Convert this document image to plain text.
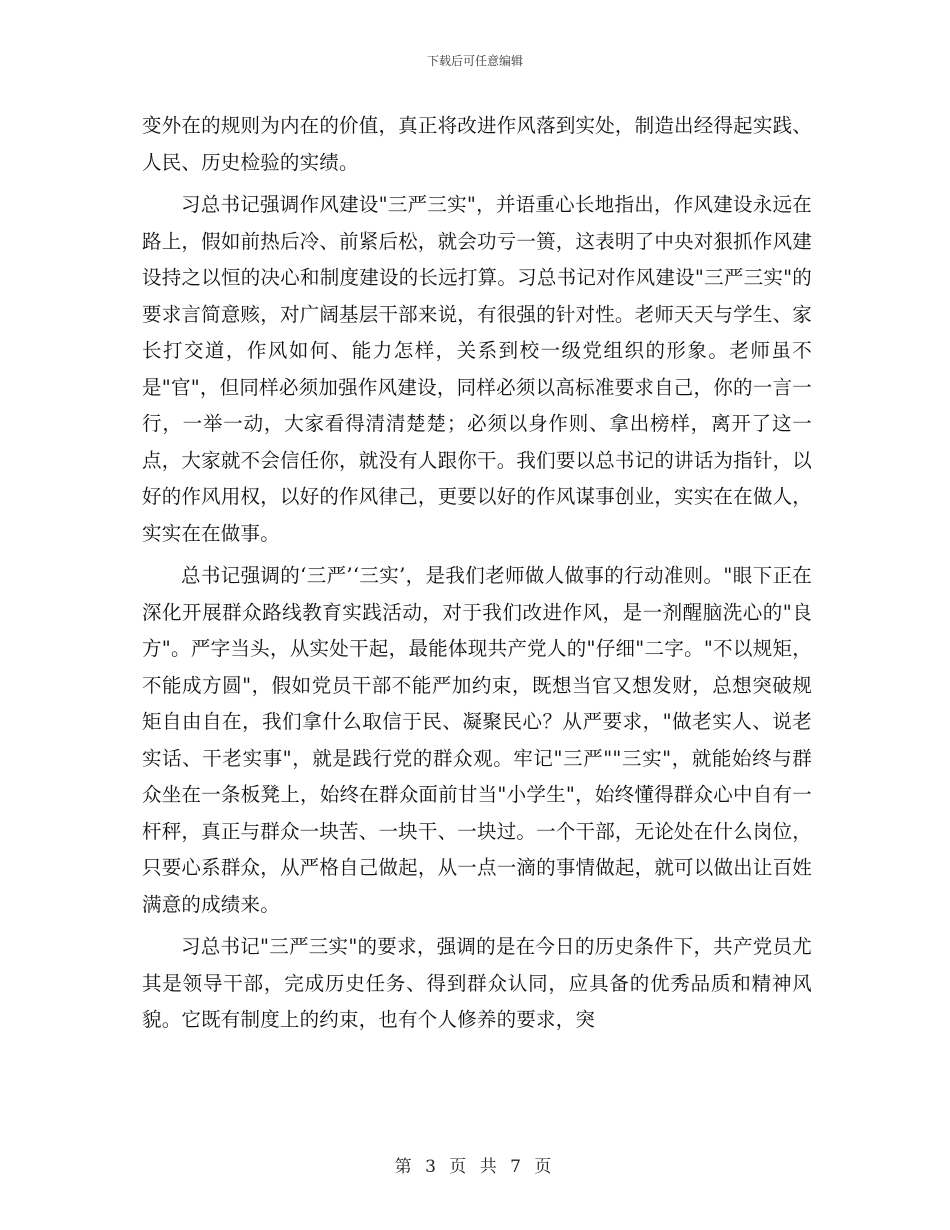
下载后可任意编辑

变外在的规则为内在的价值，真正将改进作风落到实处，制造出经得起实践、人民、历史检验的实绩。

习总书记强调作风建设"三严三实"，并语重心长地指出，作风建设永远在路上，假如前热后冷、前紧后松，就会功亏一篑，这表明了中央对狠抓作风建设持之以恒的决心和制度建设的长远打算。习总书记对作风建设"三严三实"的要求言简意赅，对广阔基层干部来说，有很强的针对性。老师天天与学生、家长打交道，作风如何、能力怎样，关系到校一级党组织的形象。老师虽不是"官"，但同样必须加强作风建设，同样必须以高标准要求自己，你的一言一行，一举一动，大家看得清清楚楚；必须以身作则、拿出榜样，离开了这一点，大家就不会信任你，就没有人跟你干。我们要以总书记的讲话为指针，以好的作风用权，以好的作风律己，更要以好的作风谋事创业，实实在在做人，实实在在做事。

总书记强调的‘三严’‘三实’，是我们老师做人做事的行动准则。"眼下正在深化开展群众路线教育实践活动，对于我们改进作风，是一剂醒脑洗心的"良方"。严字当头，从实处干起，最能体现共产党人的"仔细"二字。"不以规矩，不能成方圆"，假如党员干部不能严加约束，既想当官又想发财，总想突破规矩自由自在，我们拿什么取信于民、凝聚民心？从严要求，"做老实人、说老实话、干老实事"，就是践行党的群众观。牢记"三严""三实"，就能始终与群众坐在一条板凳上，始终在群众面前甘当"小学生"，始终懂得群众心中自有一杆秤，真正与群众一块苦、一块干、一块过。一个干部，无论处在什么岗位，只要心系群众，从严格自己做起，从一点一滴的事情做起，就可以做出让百姓满意的成绩来。

习总书记"三严三实"的要求，强调的是在今日的历史条件下，共产党员尤其是领导干部，完成历史任务、得到群众认同，应具备的优秀品质和精神风貌。它既有制度上的约束，也有个人修养的要求，突

第 3 页 共 7 页
